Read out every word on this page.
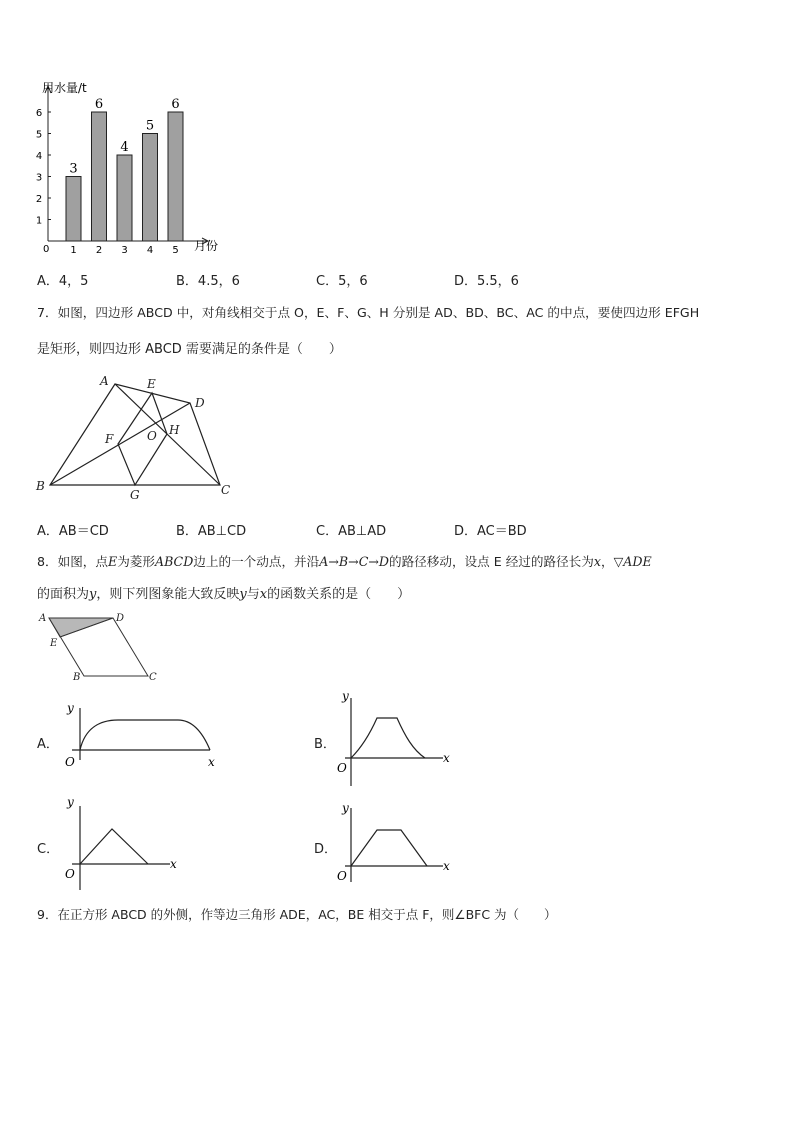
1
2
3
4
5
6
3
1
6
2
4
3
5
4
6
5
用水量/t
月份
0
A．4，5	B．4.5，6	C．5，6	D．5.5，6
7．如图，四边形 ABCD 中，对角线相交于点 O，E、F、G、H 分别是 AD、BD、BC、AC 的中点，要使四边形 EFGH
是矩形，则四边形 ABCD 需要满足的条件是（　　）
A	E
D
F	O H
B
G	C
A．AB＝CD	B．AB⊥CD	C．AB⊥AD	D．AC＝BD
8．如图，点E为菱形ABCD边上的一个动点，并沿A→B→C→D的路径移动，设点 E 经过的路径长为x，▽ADE
的面积为y，则下列图象能大致反映y与x的函数关系的是（　　）
A	D
E
B	C
A．
y
O	x
B．
y
O
x
C．
y
O
x
D．
y
O
x
9．在正方形 ABCD 的外侧，作等边三角形 ADE，AC，BE 相交于点 F，则∠BFC 为（　　）
